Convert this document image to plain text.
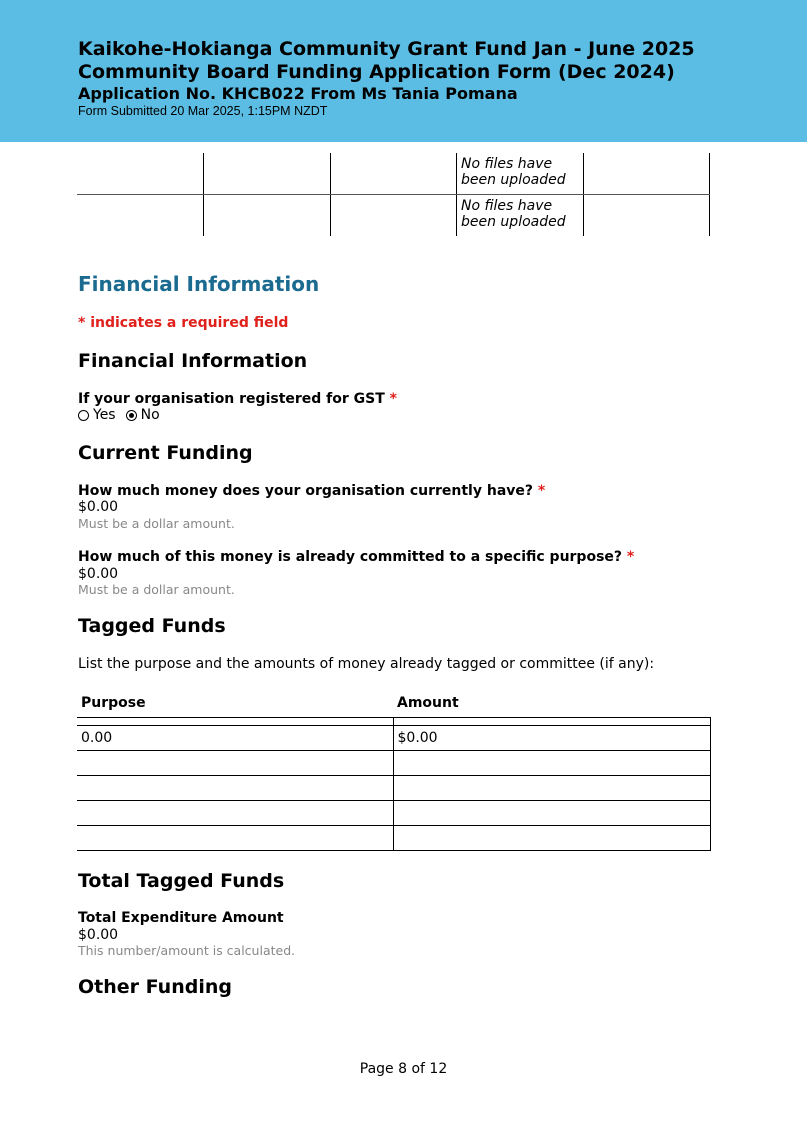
Kaikohe-Hokianga Community Grant Fund Jan - June 2025
Community Board Funding Application Form (Dec 2024)
Application No. KHCB022 From Ms Tania Pomana
Form Submitted 20 Mar 2025, 1:15PM NZDT

			No files have been uploaded	

			No files have been uploaded	

Financial Information
* indicates a required field
Financial Information
If your organisation registered for GST *
Yes No
Current Funding
How much money does your organisation currently have? *
$0.00
Must be a dollar amount.
How much of this money is already committed to a specific purpose? *
$0.00
Must be a dollar amount.
Tagged Funds
List the purpose and the amounts of money already tagged or committee (if any):
Purpose	Amount

0.00	$0.00

Total Tagged Funds
Total Expenditure Amount
$0.00
This number/amount is calculated.
Other Funding
Page 8 of 12
